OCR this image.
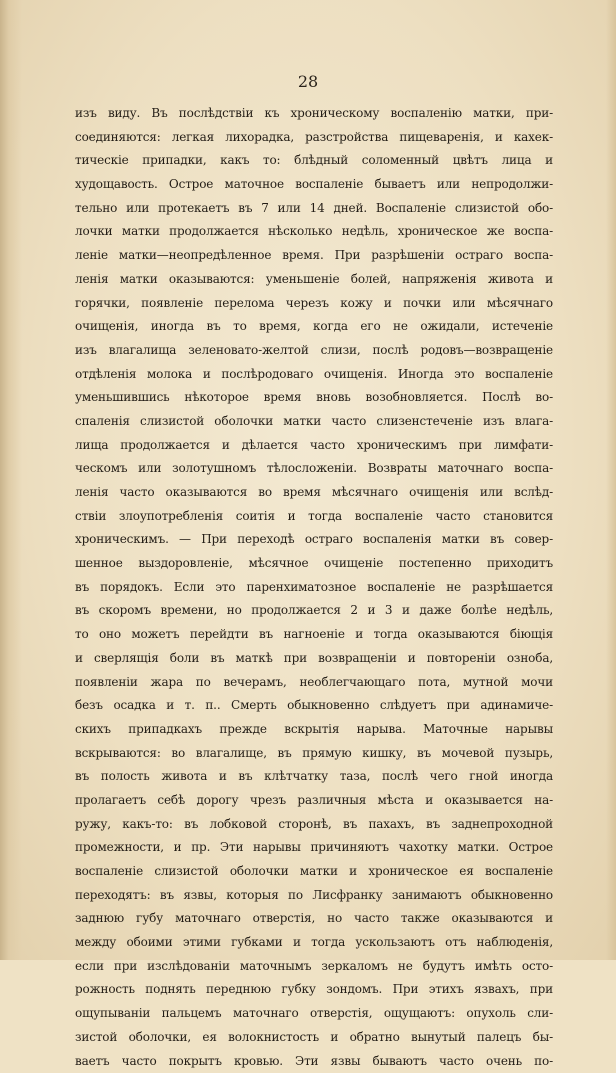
28
изъ виду. Въ послѣдствіи къ хроническому воспаленію матки, при-
соединяются: легкая лихорадка, разстройства пищеваренія, и кахек-
тическіе припадки, какъ то: блѣдный соломенный цвѣтъ лица и
худощавость. Острое маточное воспаленіе бываетъ или непродолжи-
тельно или протекаетъ въ 7 или 14 дней. Воспаленіе слизистой обо-
лочки матки продолжается нѣсколько недѣль, хроническое же воспа-
леніе матки—неопредѣленное время. При разрѣшеніи остраго воспа-
ленія матки оказываются: уменьшеніе болей, напряженія живота и
горячки, появленіе перелома черезъ кожу и почки или мѣсячнаго
очищенія, иногда въ то время, когда его не ожидали, истеченіе
изъ влагалища зеленовато-желтой слизи, послѣ родовъ—возвращеніе
отдѣленія молока и послѣродоваго очищенія. Иногда это воспаленіе
уменьшившись нѣкоторое время вновь возобновляется. Послѣ во-
спаленія слизистой оболочки матки часто слизенстеченіе изъ влага-
лища продолжается и дѣлается часто хроническимъ при лимфати-
ческомъ или золотушномъ тѣлосложеніи. Возвраты маточнаго воспа-
ленія часто оказываются во время мѣсячнаго очищенія или вслѣд-
ствіи злоупотребленія соитія и тогда воспаленіе часто становится
хроническимъ. — При переходѣ остраго воспаленія матки въ совер-
шенное выздоровленіе, мѣсячное очищеніе постепенно приходитъ
въ порядокъ. Если это паренхиматозное воспаленіе не разрѣшается
въ скоромъ времени, но продолжается 2 и 3 и даже болѣе недѣль,
то оно можетъ перейдти въ нагноеніе и тогда оказываются біющія
и сверлящія боли въ маткѣ при возвращеніи и повтореніи озноба,
появленіи жара по вечерамъ, необлегчающаго пота, мутной мочи
безъ осадка и т. п.. Смерть обыкновенно слѣдуетъ при адинамиче-
скихъ припадкахъ прежде вскрытія нарыва. Маточные нарывы
вскрываются: во влагалище, въ прямую кишку, въ мочевой пузырь,
въ полость живота и въ клѣтчатку таза, послѣ чего гной иногда
пролагаетъ себѣ дорогу чрезъ различныя мѣста и оказывается на-
ружу, какъ-то: въ лобковой сторонѣ, въ пахахъ, въ заднепроходной
промежности, и пр. Эти нарывы причиняютъ чахотку матки. Острое
воспаленіе слизистой оболочки матки и хроническое ея воспаленіе
переходятъ: въ язвы, которыя по Лисфранку занимаютъ обыкновенно
заднюю губу маточнаго отверстія, но часто также оказываются и
между обоими этими губками и тогда ускользаютъ отъ наблюденія,
если при изслѣдованіи маточнымъ зеркаломъ не будутъ имѣть осто-
рожность поднять переднюю губку зондомъ. При этихъ язвахъ, при
ощупываніи пальцемъ маточнаго отверстія, ощущаютъ: опухоль сли-
зистой оболочки, ея волокнистость и обратно вынутый палецъ бы-
ваетъ часто покрытъ кровью. Эти язвы бываютъ часто очень по-
